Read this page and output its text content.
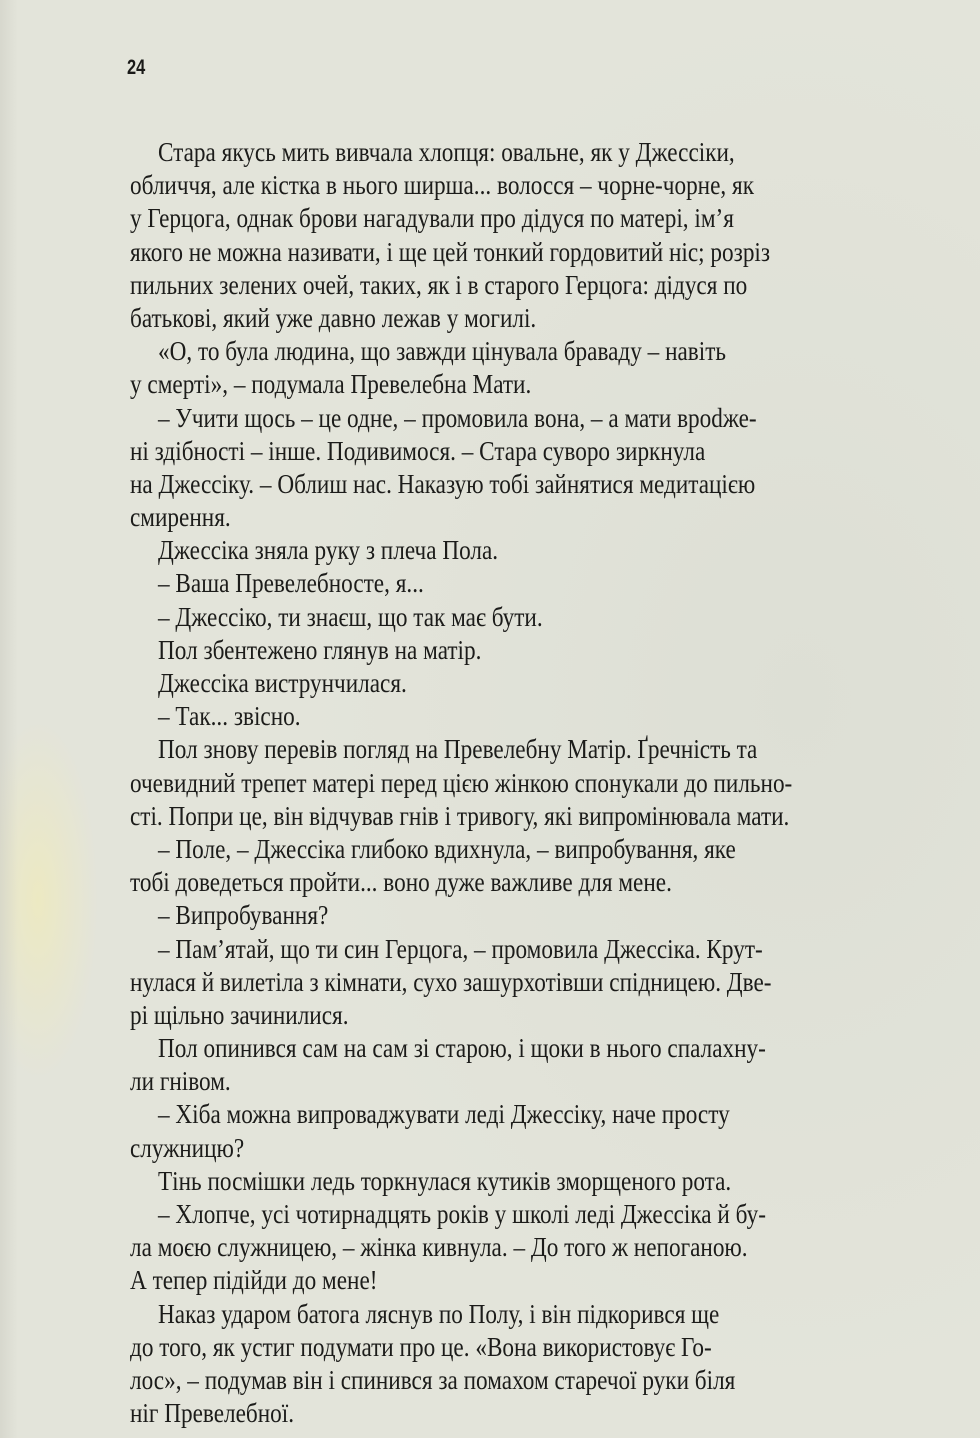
24
Стара якусь мить вивчала хлопця: овальне, як у Джессіки,
обличчя, але кістка в нього ширша... волосся – чорне-чорне, як
у Герцога, однак брови нагадували про дідуся по матері, ім’я
якого не можна називати, і ще цей тонкий гордовитий ніс; розріз
пильних зелених очей, таких, як і в старого Герцога: дідуся по
батькові, який уже давно лежав у могилі.
«О, то була людина, що завжди цінувала браваду – навіть
у смерті», – подумала Превелебна Мати.
– Учити щось – це одне, – промовила вона, – а мати врodже-
ні здібності – інше. Подивимося. – Стара суворо зиркнула
на Джессіку. – Облиш нас. Наказую тобі зайнятися медитацією
смирення.
Джессіка зняла руку з плеча Пола.
– Ваша Превелебносте, я...
– Джессіко, ти знаєш, що так має бути.
Пол збентежено глянув на матір.
Джессіка виструнчилася.
– Так... звісно.
Пол знову перевів погляд на Превелебну Матір. Ґречність та
очевидний трепет матері перед цією жінкою спонукали до пильно-
сті. Попри це, він відчував гнів і тривогу, які випромінювала мати.
– Поле, – Джессіка глибоко вдихнула, – випробування, яке
тобі доведеться пройти... воно дуже важливе для мене.
– Випробування?
– Пам’ятай, що ти син Герцога, – промовила Джессіка. Крут-
нулася й вилетіла з кімнати, сухо зашурхотівши спідницею. Две-
рі щільно зачинилися.
Пол опинився сам на сам зі старою, і щоки в нього спалахну-
ли гнівом.
– Хіба можна випроваджувати леді Джессіку, наче просту
служницю?
Тінь посмішки ледь торкнулася кутиків зморщеного рота.
– Хлопче, усі чотирнадцять років у школі леді Джессіка й бу-
ла моєю служницею, – жінка кивнула. – До того ж непоганою.
А тепер підійди до мене!
Наказ ударом батога ляснув по Полу, і він підкорився ще
до того, як устиг подумати про це. «Вона використовує Го-
лос», – подумав він і спинився за помахом старечої руки біля
ніг Превелебної.
